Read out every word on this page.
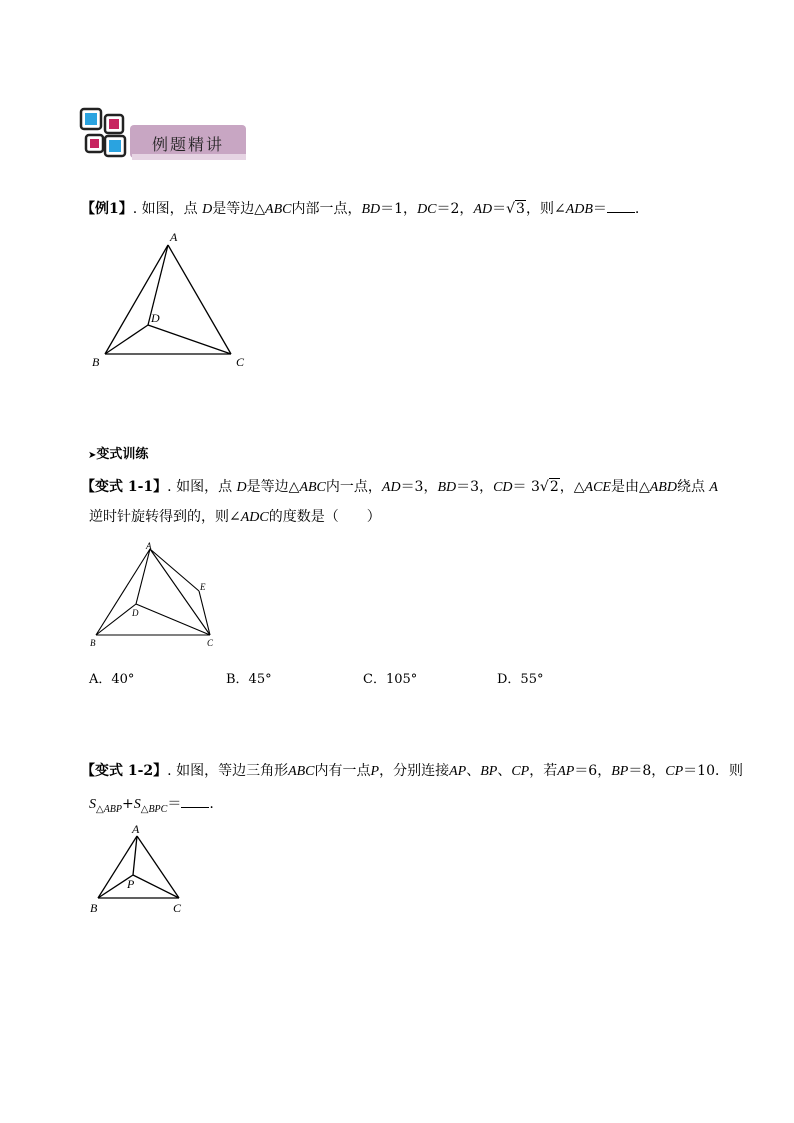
例题精讲
【例1】. 如图，点 D是等边△ABC内部一点，BD＝1，DC＝2，AD＝√3，则∠ADB＝ .
A
B	C
D
➤变式训练
【变式 1-1】. 如图，点 D是等边△ABC内一点，AD＝3，BD＝3，CD＝ 3√2，△ACE是由△ABD绕点 A
逆时针旋转得到的，则∠ADC的度数是（　　）
A
B	C
D
E
A．40°	B．45°	C．105°	D．55°
【变式 1-2】. 如图，等边三角形ABC内有一点P，分别连接AP、BP、CP，若AP＝6，BP＝8，CP＝10．则
$S_{\triangle ABP}+S_{\triangle BPC}=$ .
A
B	C
P
